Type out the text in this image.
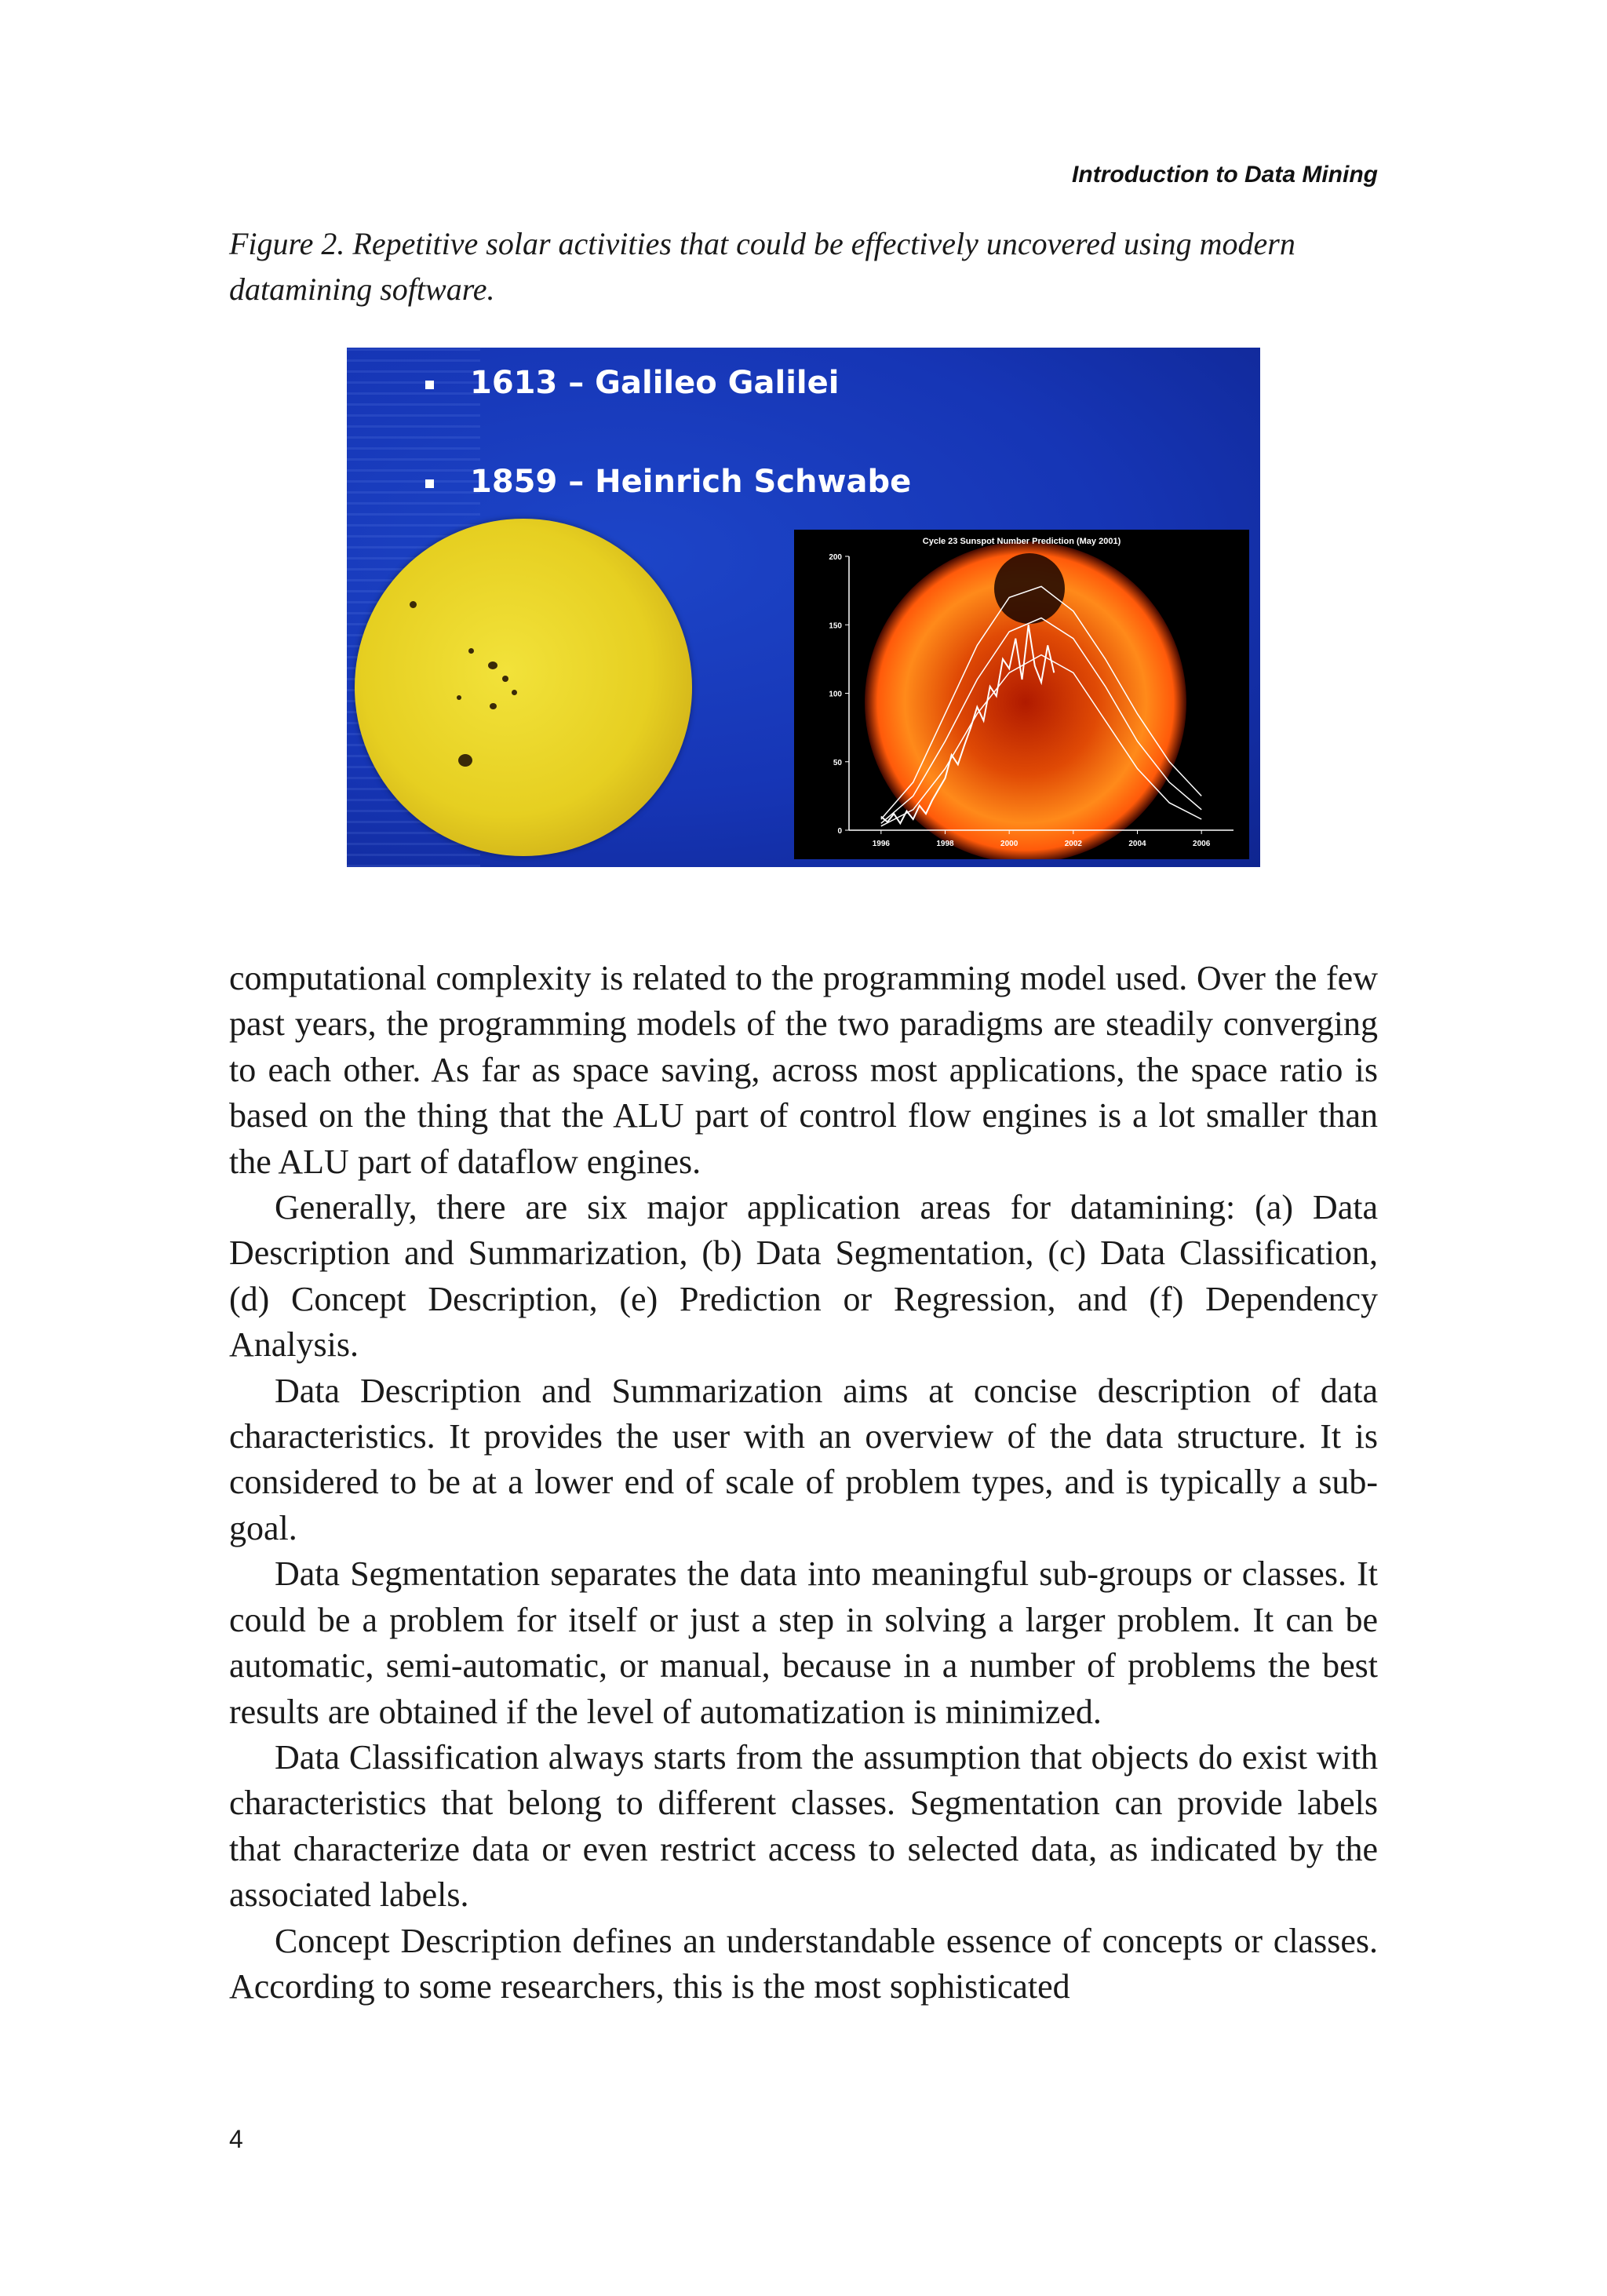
Introduction to Data Mining
Figure 2. Repetitive solar activities that could be effectively uncovered using modern datamining software.
1613 – Galileo Galilei
1859 – Heinrich Schwabe
Cycle 23 Sunspot Number Prediction (May 2001)
0
50
100
150
200
1996	1998	2000	2002	2004	2006

computational complexity is related to the programming model used. Over the few past years, the programming models of the two paradigms are steadily converging to each other. As far as space saving, across most applications, the space ratio is based on the thing that the ALU part of control flow engines is a lot smaller than the ALU part of dataflow engines.

Generally, there are six major application areas for datamining: (a) Data Description and Summarization, (b) Data Segmentation, (c) Data Classification, (d) Concept Description, (e) Prediction or Regression, and (f) Dependency Analysis.

Data Description and Summarization aims at concise description of data characteristics. It provides the user with an overview of the data structure. It is considered to be at a lower end of scale of problem types, and is typically a sub-goal.

Data Segmentation separates the data into meaningful sub-groups or classes. It could be a problem for itself or just a step in solving a larger problem. It can be automatic, semi-automatic, or manual, because in a number of problems the best results are obtained if the level of automatization is minimized.

Data Classification always starts from the assumption that objects do exist with characteristics that belong to different classes. Segmentation can provide labels that characterize data or even restrict access to selected data, as indicated by the associated labels.

Concept Description defines an understandable essence of concepts or classes. According to some researchers, this is the most sophisticated

4
